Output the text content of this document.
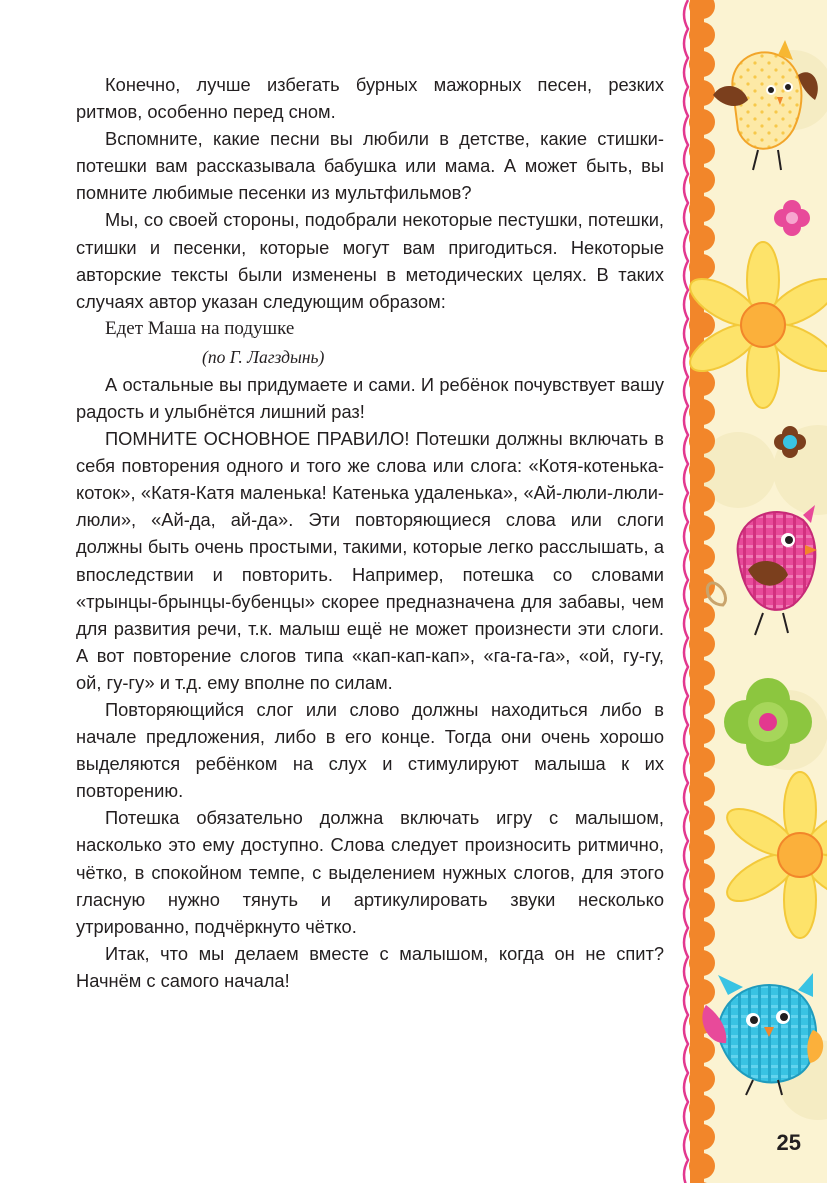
Конечно, лучше избегать бурных мажорных песен, резких ритмов, особенно перед сном.

Вспомните, какие песни вы любили в детстве, какие стишки-потешки вам рассказывала бабушка или мама. А может быть, вы помните любимые песенки из мультфильмов?

Мы, со своей стороны, подобрали некоторые пестушки, потешки, стишки и песенки, которые могут вам пригодиться. Некоторые авторские тексты были изменены в методических целях. В таких случаях автор указан следующим образом:

Едет Маша на подушке

(по Г. Лагздынь)

А остальные вы придумаете и сами. И ребёнок почувствует вашу радость и улыбнётся лишний раз!

ПОМНИТЕ ОСНОВНОЕ ПРАВИЛО! Потешки должны включать в себя повторения одного и того же слова или слога: «Котя-котенька-коток», «Катя-Катя маленька! Катенька удаленька», «Ай-люли-люли-люли», «Ай-да, ай-да». Эти повторяющиеся слова или слоги должны быть очень простыми, такими, которые легко расслышать, а впоследствии и повторить. Например, потешка со словами «трынцы-брынцы-бубенцы» скорее предназначена для забавы, чем для развития речи, т.к. малыш ещё не может произнести эти слоги. А вот повторение слогов типа «кап-кап-кап», «га-га-га», «ой, гу-гу, ой, гу-гу» и т.д. ему вполне по силам.

Повторяющийся слог или слово должны находиться либо в начале предложения, либо в его конце. Тогда они очень хорошо выделяются ребёнком на слух и стимулируют малыша к их повторению.

Потешка обязательно должна включать игру с малышом, насколько это ему доступно. Слова следует произносить ритмично, чётко, в спокойном темпе, с выделением нужных слогов, для этого гласную нужно тянуть и артикулировать звуки несколько утрированно, подчёркнуто чётко.

Итак, что мы делаем вместе с малышом, когда он не спит? Начнём с самого начала!

25
